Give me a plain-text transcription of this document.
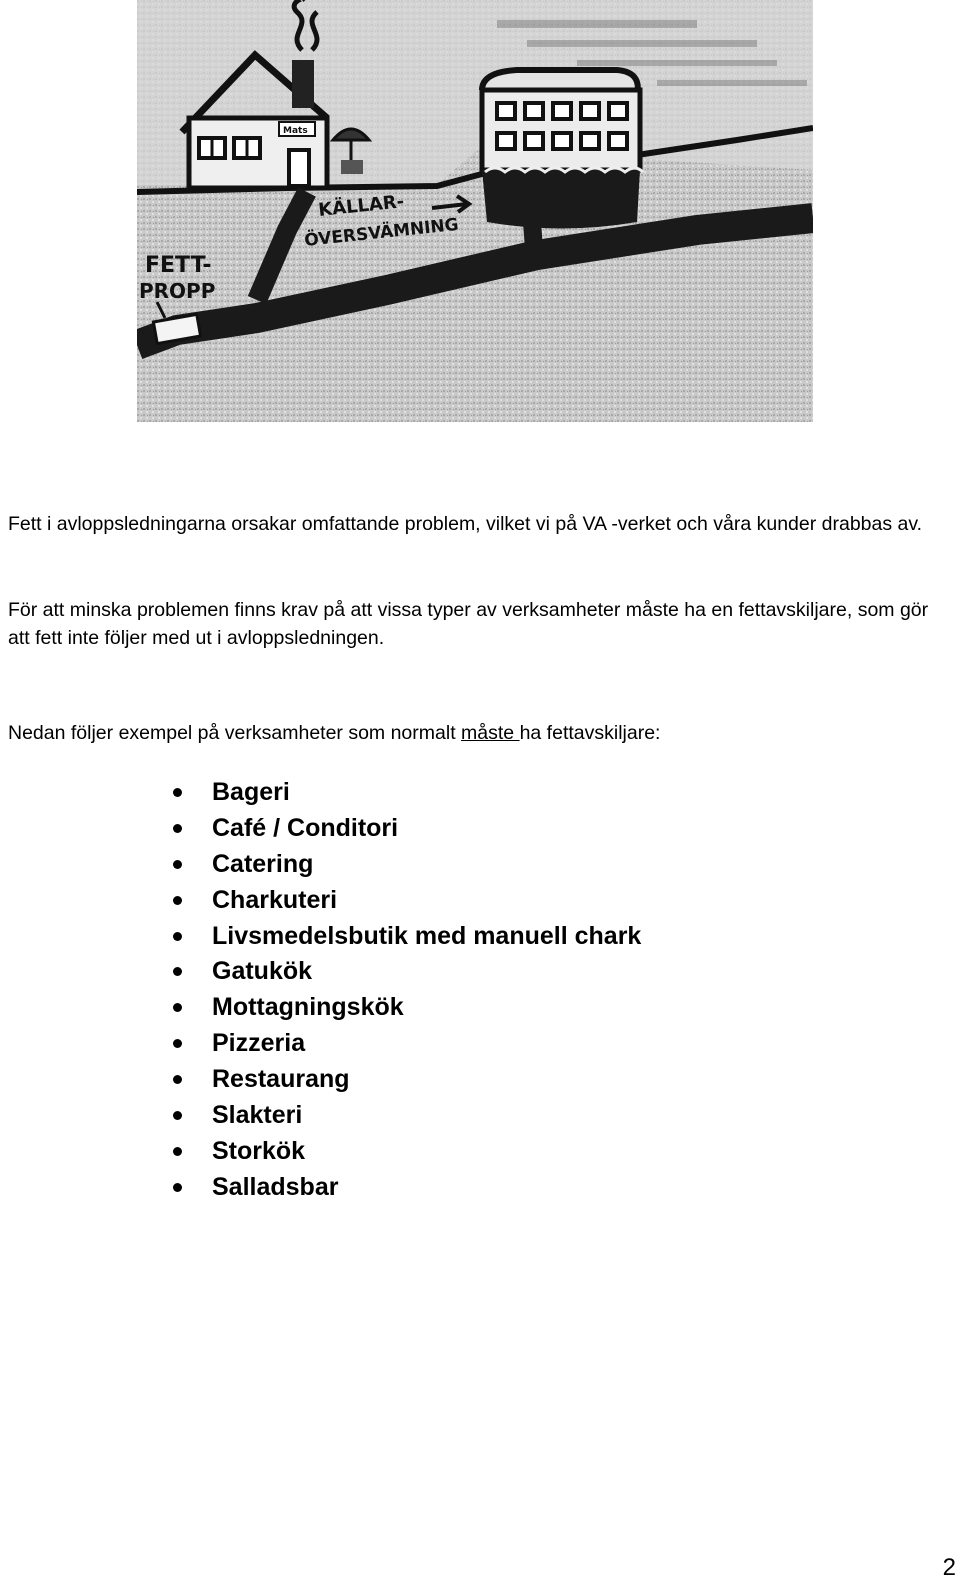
Mats
FETT-
PROPP
KÄLLAR-
ÖVERSVÄMNING

Fett i avloppsledningarna orsakar omfattande problem, vilket vi på VA -verket och våra kunder drabbas av.

För att minska problemen finns krav på att vissa typer av verksamheter måste ha en fettavskiljare, som gör att fett inte följer med ut i avloppsledningen.

Nedan följer exempel på verksamheter som normalt måste ha fettavskiljare:

Bageri
Café / Conditori
Catering
Charkuteri
Livsmedelsbutik med manuell chark
Gatukök
Mottagningskök
Pizzeria
Restaurang
Slakteri
Storkök
Salladsbar
2
